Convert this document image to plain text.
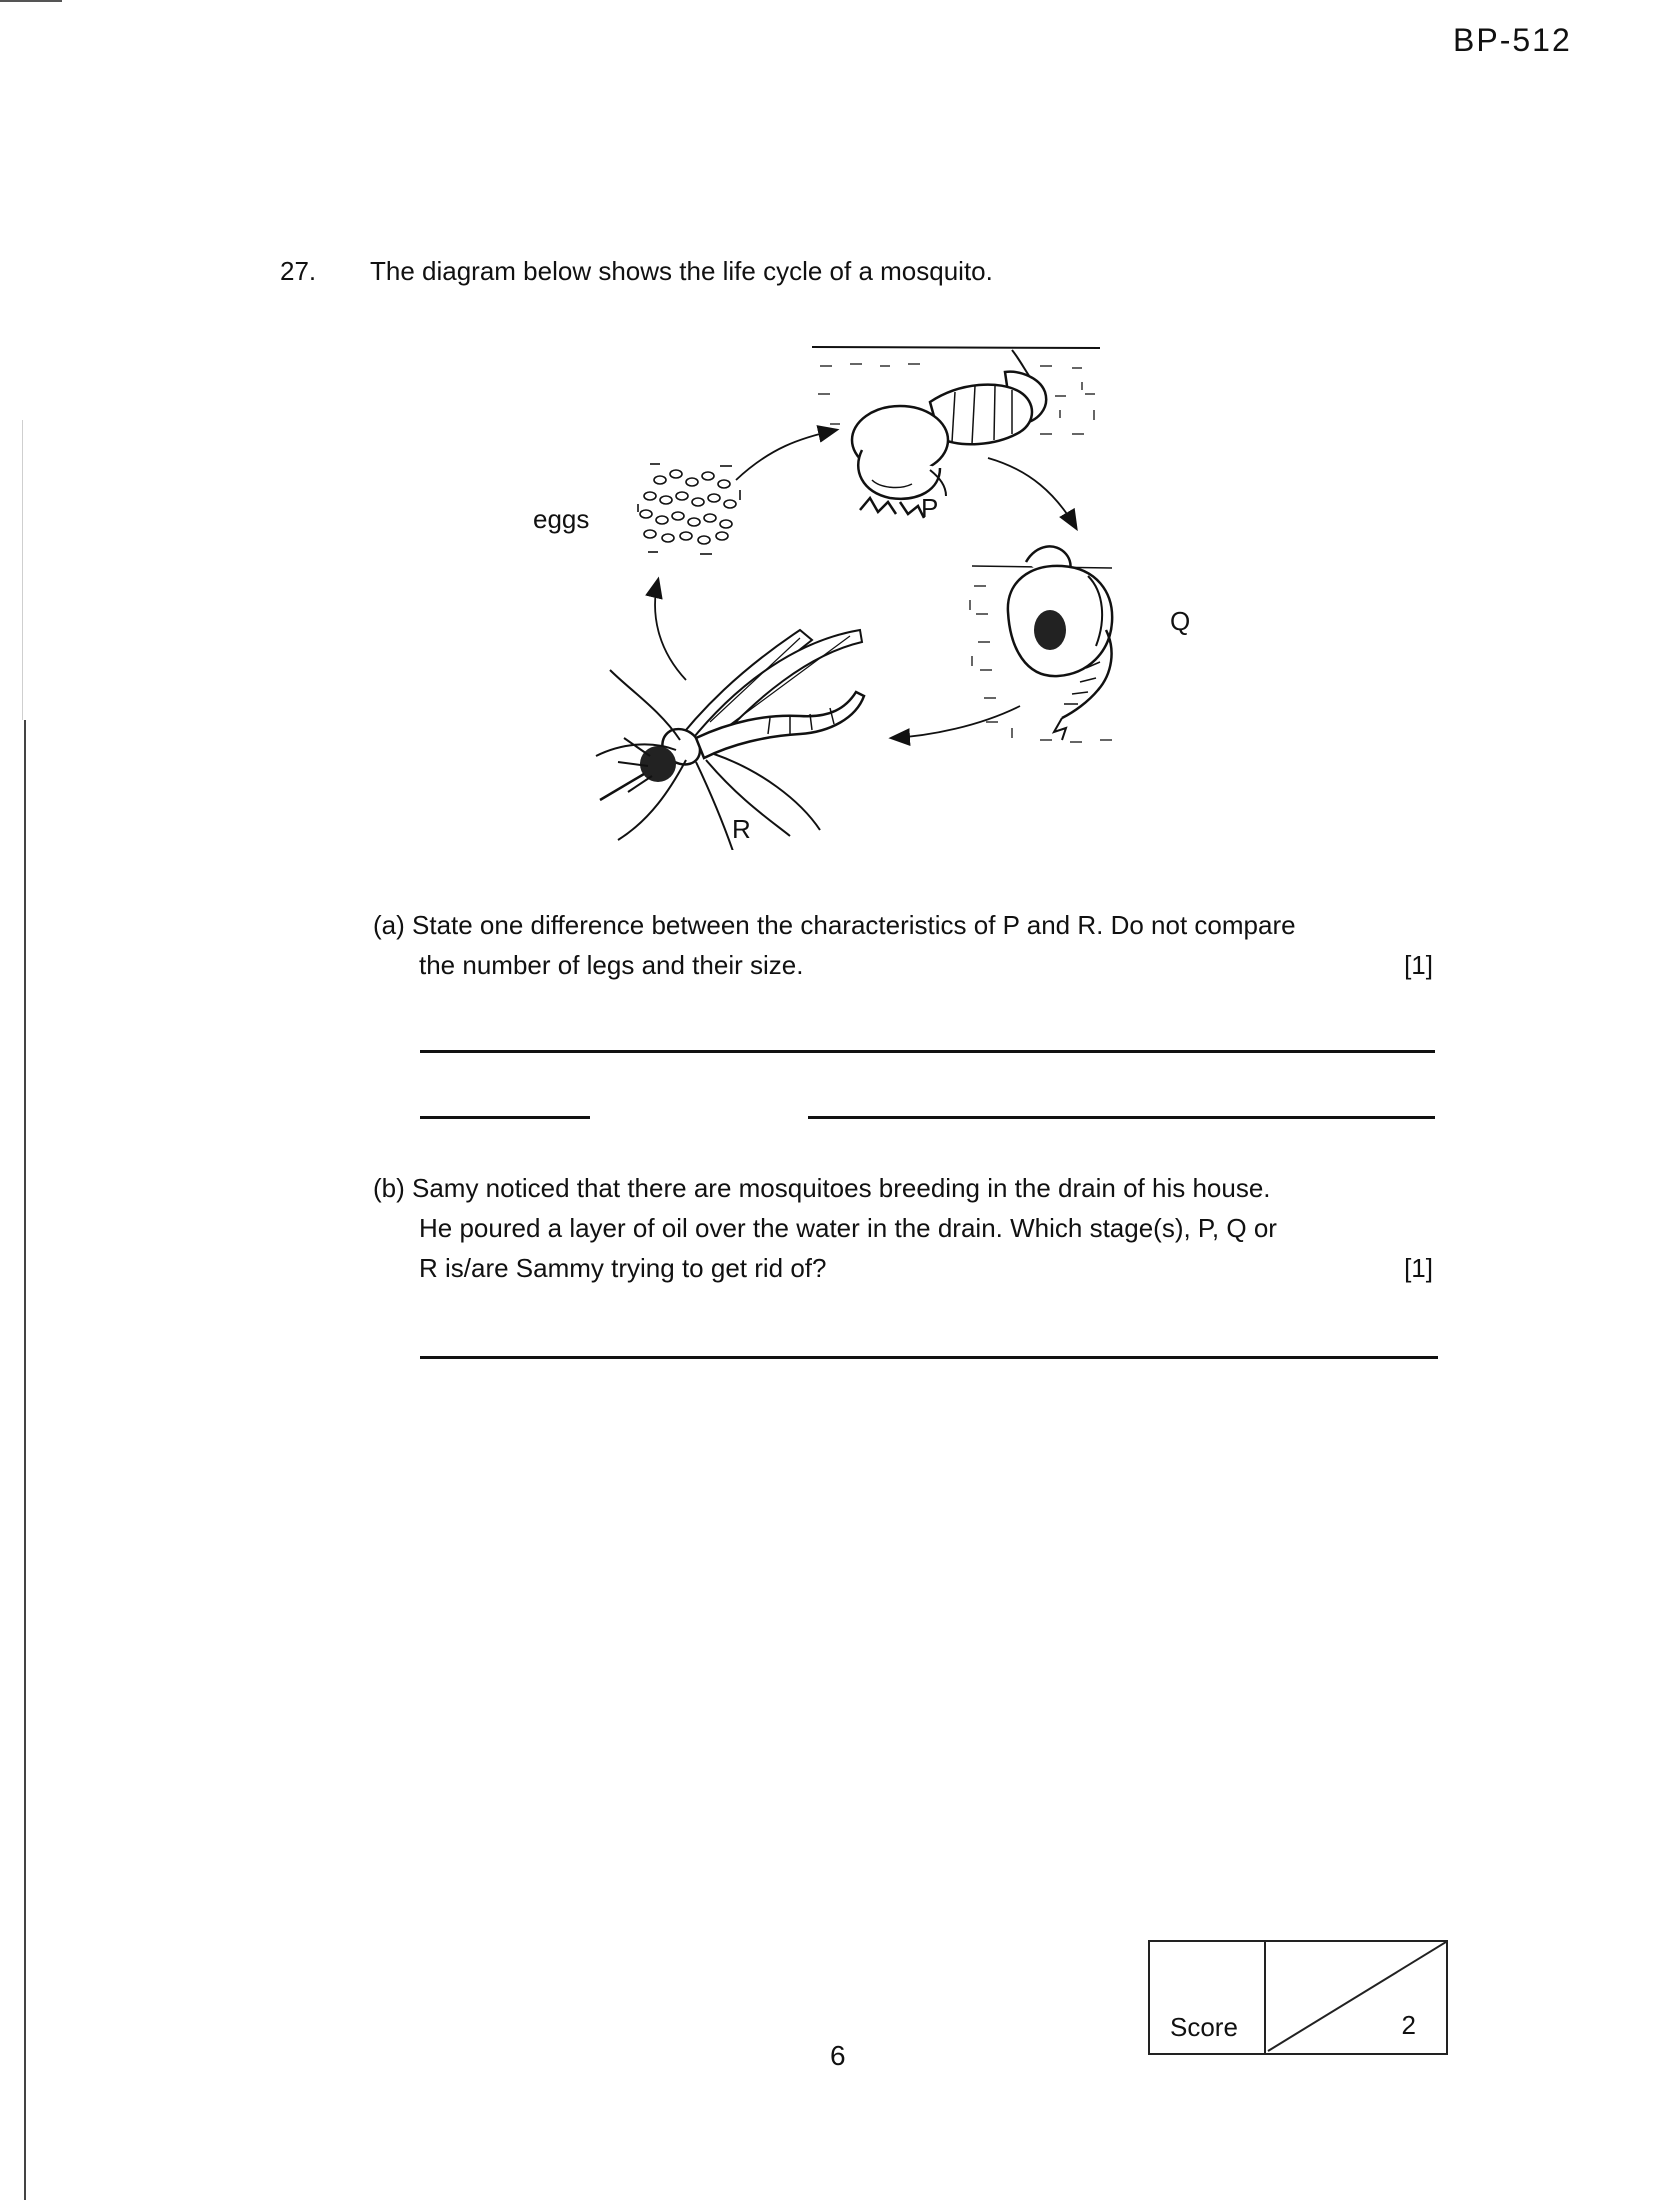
BP-512
27. The diagram below shows the life cycle of a mosquito.
P
eggs
Q
R
(a) State one difference between the characteristics of P and R. Do not compare
the number of legs and their size.	[1]
(b) Samy noticed that there are mosquitoes breeding in the drain of his house.
He poured a layer of oil over the water in the drain. Which stage(s), P, Q or
R is/are Sammy trying to get rid of?	[1]
Score	2
6
